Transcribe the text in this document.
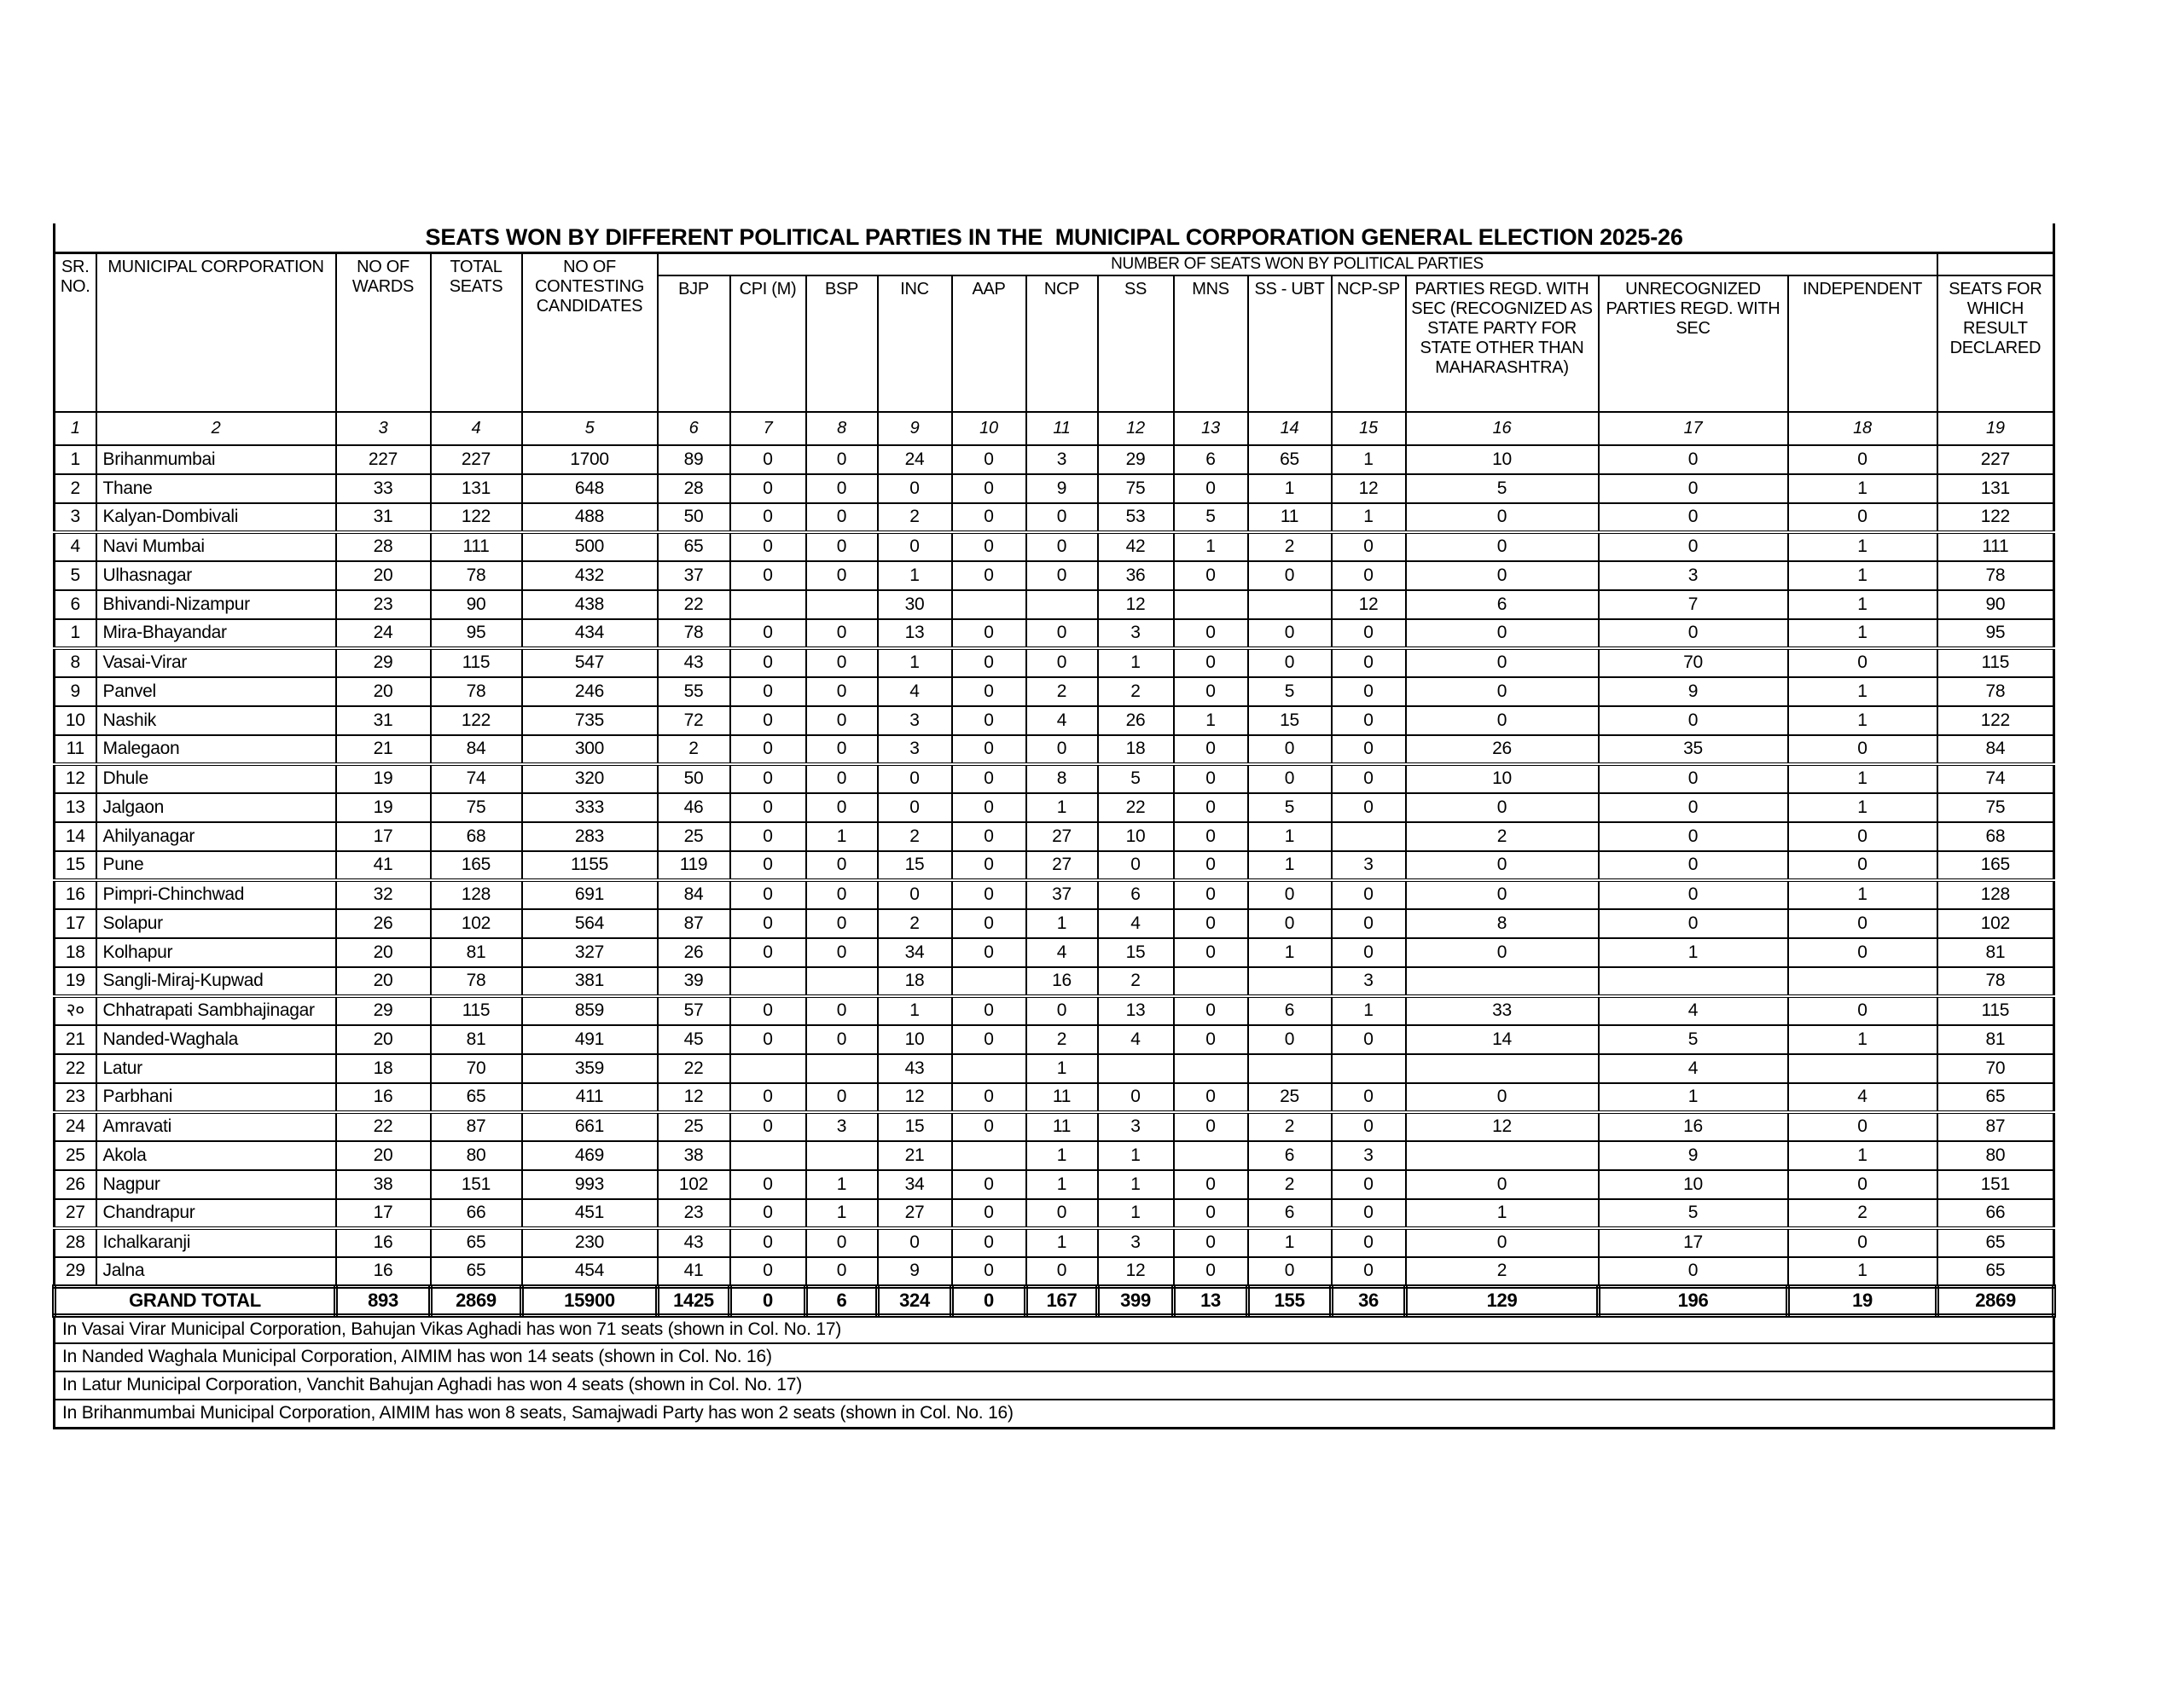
SEATS WON BY DIFFERENT POLITICAL PARTIES IN THE  MUNICIPAL CORPORATION GENERAL ELECTION 2025-26																		
SR. NO.	MUNICIPAL CORPORATION	NO OF WARDS	TOTAL SEATS	NO OF CONTESTING CANDIDATES	NUMBER OF SEATS WON BY POLITICAL PARTIES													
					BJP	CPI (M)	BSP	INC	AAP	NCP	SS	MNS	SS - UBT	NCP-SP	PARTIES REGD. WITH SEC (RECOGNIZED AS STATE PARTY FOR STATE OTHER THAN MAHARASHTRA)	UNRECOGNIZED PARTIES REGD. WITH SEC	INDEPENDENT	SEATS FOR WHICH RESULT DECLARED
1	2	3	4	5	6	7	8	9	10	11	12	13	14	15	16	17	18	19
1	Brihanmumbai	227	227	1700	89	0	0	24	0	3	29	6	65	1	10	0	0	227
2	Thane	33	131	648	28	0	0	0	0	9	75	0	1	12	5	0	1	131
3	Kalyan-Dombivali	31	122	488	50	0	0	2	0	0	53	5	11	1	0	0	0	122
4	Navi Mumbai	28	111	500	65	0	0	0	0	0	42	1	2	0	0	0	1	111
5	Ulhasnagar	20	78	432	37	0	0	1	0	0	36	0	0	0	0	3	1	78
6	Bhivandi-Nizampur	23	90	438	22			30			12			12	6	7	1	90
1	Mira-Bhayandar	24	95	434	78	0	0	13	0	0	3	0	0	0	0	0	1	95
8	Vasai-Virar	29	115	547	43	0	0	1	0	0	1	0	0	0	0	70	0	115
9	Panvel	20	78	246	55	0	0	4	0	2	2	0	5	0	0	9	1	78
10	Nashik	31	122	735	72	0	0	3	0	4	26	1	15	0	0	0	1	122
11	Malegaon	21	84	300	2	0	0	3	0	0	18	0	0	0	26	35	0	84
12	Dhule	19	74	320	50	0	0	0	0	8	5	0	0	0	10	0	1	74
13	Jalgaon	19	75	333	46	0	0	0	0	1	22	0	5	0	0	0	1	75
14	Ahilyanagar	17	68	283	25	0	1	2	0	27	10	0	1		2	0	0	68
15	Pune	41	165	1155	119	0	0	15	0	27	0	0	1	3	0	0	0	165
16	Pimpri-Chinchwad	32	128	691	84	0	0	0	0	37	6	0	0	0	0	0	1	128
17	Solapur	26	102	564	87	0	0	2	0	1	4	0	0	0	8	0	0	102
18	Kolhapur	20	81	327	26	0	0	34	0	4	15	0	1	0	0	1	0	81
19	Sangli-Miraj-Kupwad	20	78	381	39			18		16	2			3				78
२०	Chhatrapati Sambhajinagar	29	115	859	57	0	0	1	0	0	13	0	6	1	33	4	0	115
21	Nanded-Waghala	20	81	491	45	0	0	10	0	2	4	0	0	0	14	5	1	81
22	Latur	18	70	359	22			43		1						4		70
23	Parbhani	16	65	411	12	0	0	12	0	11	0	0	25	0	0	1	4	65
24	Amravati	22	87	661	25	0	3	15	0	11	3	0	2	0	12	16	0	87
25	Akola	20	80	469	38			21		1	1		6	3		9	1	80
26	Nagpur	38	151	993	102	0	1	34	0	1	1	0	2	0	0	10	0	151
27	Chandrapur	17	66	451	23	0	1	27	0	0	1	0	6	0	1	5	2	66
28	Ichalkaranji	16	65	230	43	0	0	0	0	1	3	0	1	0	0	17	0	65
29	Jalna	16	65	454	41	0	0	9	0	0	12	0	0	0	2	0	1	65
GRAND TOTAL		893	2869	15900	1425	0	6	324	0	167	399	13	155	36	129	196	19	2869
In Vasai Virar Municipal Corporation, Bahujan Vikas Aghadi has won 71 seats (shown in Col. No. 17)																		
In Nanded Waghala Municipal Corporation, AIMIM has won 14 seats (shown in Col. No. 16)																		
In Latur Municipal Corporation, Vanchit Bahujan Aghadi has won 4 seats (shown in Col. No. 17)																		
In Brihanmumbai Municipal Corporation, AIMIM has won 8 seats, Samajwadi Party has won 2 seats (shown in Col. No. 16)																		
